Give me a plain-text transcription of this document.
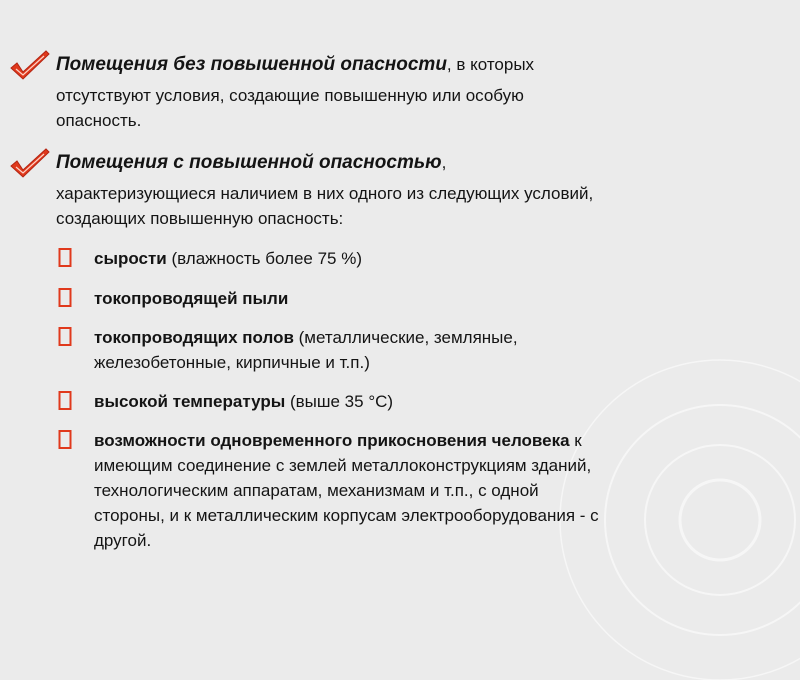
Помещения без повышенной опасности, в которых

отсутствуют условия, создающие повышенную или особую

опасность.

Помещения с повышенной опасностью,

характеризующиеся наличием в них одного из следующих условий,

создающих повышенную опасность:

сырости (влажность более 75 %)
токопроводящей пыли
токопроводящих полов (металлические, земляные,
железобетонные, кирпичные и т.п.)
высокой температуры (выше 35 °С)
возможности одновременного прикосновения человека к
имеющим соединение с землей металлоконструкциям зданий,
технологическим аппаратам, механизмам и т.п., с одной
стороны, и к металлическим корпусам электрооборудования - с
другой.
